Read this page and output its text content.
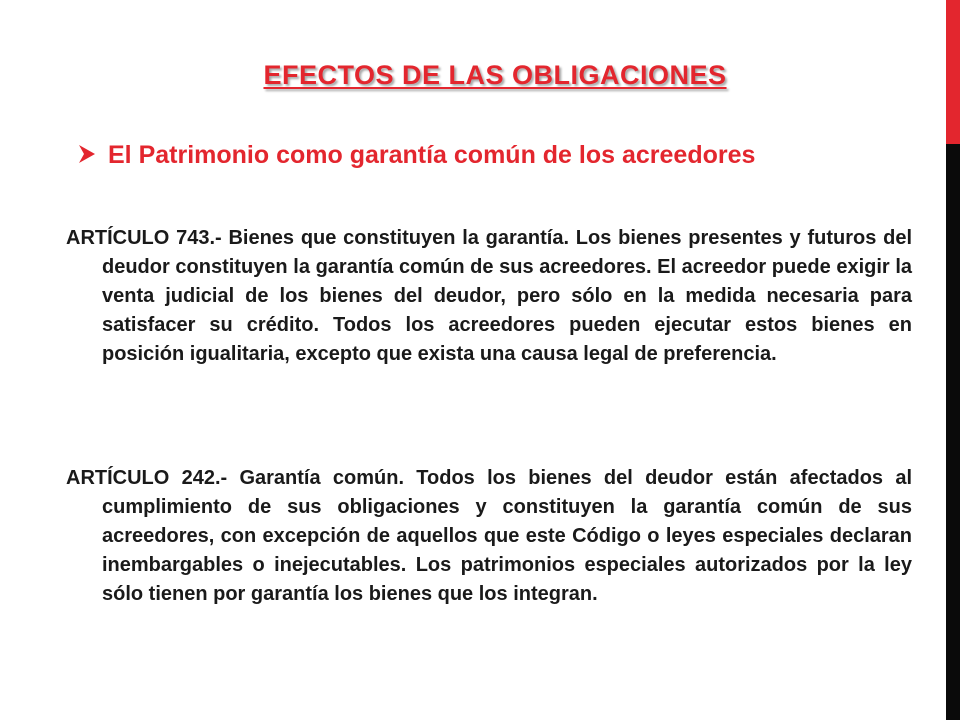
EFECTOS DE LAS OBLIGACIONES
El Patrimonio como garantía común de los acreedores

ARTÍCULO 743.- Bienes que constituyen la garantía. Los bienes presentes y futuros del deudor constituyen la garantía común de sus acreedores. El acreedor puede exigir la venta judicial de los bienes del deudor, pero sólo en la medida necesaria para satisfacer su crédito. Todos los acreedores pueden ejecutar estos bienes en posición igualitaria, excepto que exista una causa legal de preferencia.

ARTÍCULO 242.- Garantía común. Todos los bienes del deudor están afectados al cumplimiento de sus obligaciones y constituyen la garantía común de sus acreedores, con excepción de aquellos que este Código o leyes especiales declaran inembargables o inejecutables. Los patrimonios especiales autorizados por la ley sólo tienen por garantía los bienes que los integran.
